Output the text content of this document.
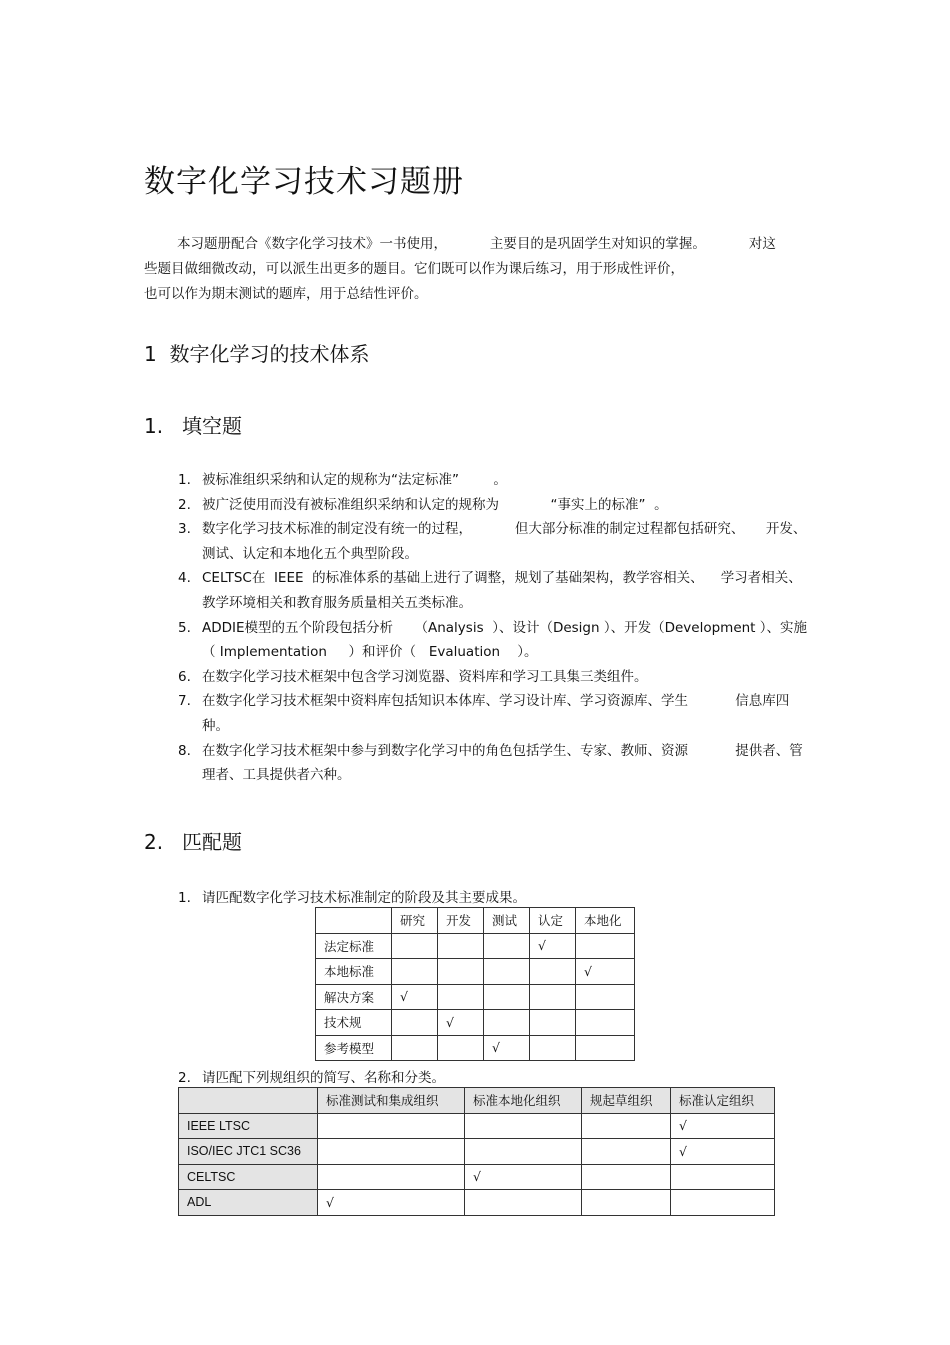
数字化学习技术习题册

本习题册配合《数字化学习技术》一书使用，          主要目的是巩固学生对知识的掌握。          对这

些题目做细微改动，可以派生出更多的题目。它们既可以作为课后练习，用于形成性评价，

也可以作为期末测试的题库，用于总结性评价。

1  数字化学习的技术体系
1. 填空题
1. 被标准组织采纳和认定的规称为“法定标准”        。
2. 被广泛使用而没有被标准组织采纳和认定的规称为            “事实上的标准”  。
3. 数字化学习技术标准的制定没有统一的过程，          但大部分标准的制定过程都包括研究、     开发、测试、认定和本地化五个典型阶段。
4. CELTSC在  IEEE  的标准体系的基础上进行了调整，规划了基础架构，教学容相关、    学习者相关、教学环境相关和教育服务质量相关五类标准。
5. ADDIE模型的五个阶段包括分析     （Analysis  ）、设计（Design ）、开发（Development ）、实施（ Implementation     ）和评价（   Evaluation    ）。
6. 在数字化学习技术框架中包含学习浏览器、资料库和学习工具集三类组件。
7. 在数字化学习技术框架中资料库包括知识本体库、学习设计库、学习资源库、学生           信息库四种。
8. 在数字化学习技术框架中参与到数字化学习中的角色包括学生、专家、教师、资源           提供者、管理者、工具提供者六种。
2. 匹配题
1. 请匹配数字化学习技术标准制定的阶段及其主要成果。
	研究	开发	测试	认定	本地化
法定标准				√	
本地标准					√
解决方案	√				
技术规		√			
参考模型			√		
2. 请匹配下列规组织的简写、名称和分类。
	标准测试和集成组织	标准本地化组织	规起草组织	标准认定组织
IEEE LTSC				√
ISO/IEC JTC1 SC36				√
CELTSC		√		
ADL	√			
